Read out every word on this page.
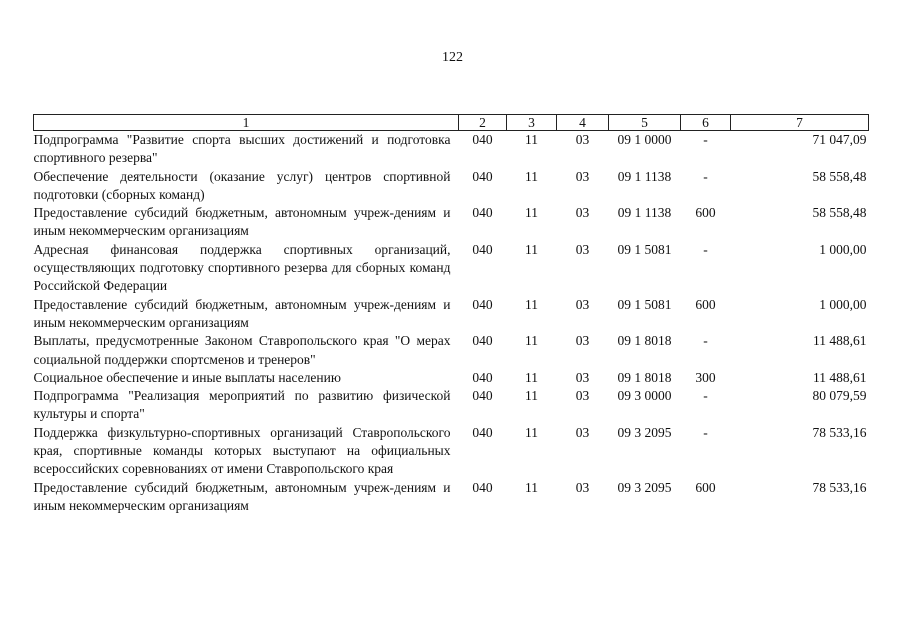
122
1	2	3	4	5	6	7
Подпрограмма "Развитие спорта высших достижений и подготовка спортивного резерва"	040	11	03	09 1 0000	-	71 047,09
Обеспечение деятельности (оказание услуг) центров спортивной подготовки (сборных команд)	040	11	03	09 1 1138	-	58 558,48
Предоставление субсидий бюджетным, автономным учреж-дениям и иным некоммерческим организациям	040	11	03	09 1 1138	600	58 558,48
Адресная финансовая поддержка спортивных организаций, осуществляющих подготовку спортивного резерва для сборных команд Российской Федерации	040	11	03	09 1 5081	-	1 000,00
Предоставление субсидий бюджетным, автономным учреж-дениям и иным некоммерческим организациям	040	11	03	09 1 5081	600	1 000,00
Выплаты, предусмотренные Законом Ставропольского края "О мерах социальной поддержки спортсменов и тренеров"	040	11	03	09 1 8018	-	11 488,61
Социальное обеспечение и иные выплаты населению	040	11	03	09 1 8018	300	11 488,61
Подпрограмма "Реализация мероприятий по развитию физической культуры и спорта"	040	11	03	09 3 0000	-	80 079,59
Поддержка физкультурно-спортивных организаций Ставропольского края, спортивные команды которых выступают на официальных всероссийских соревнованиях от имени Ставропольского края	040	11	03	09 3 2095	-	78 533,16
Предоставление субсидий бюджетным, автономным учреж-дениям и иным некоммерческим организациям	040	11	03	09 3 2095	600	78 533,16
